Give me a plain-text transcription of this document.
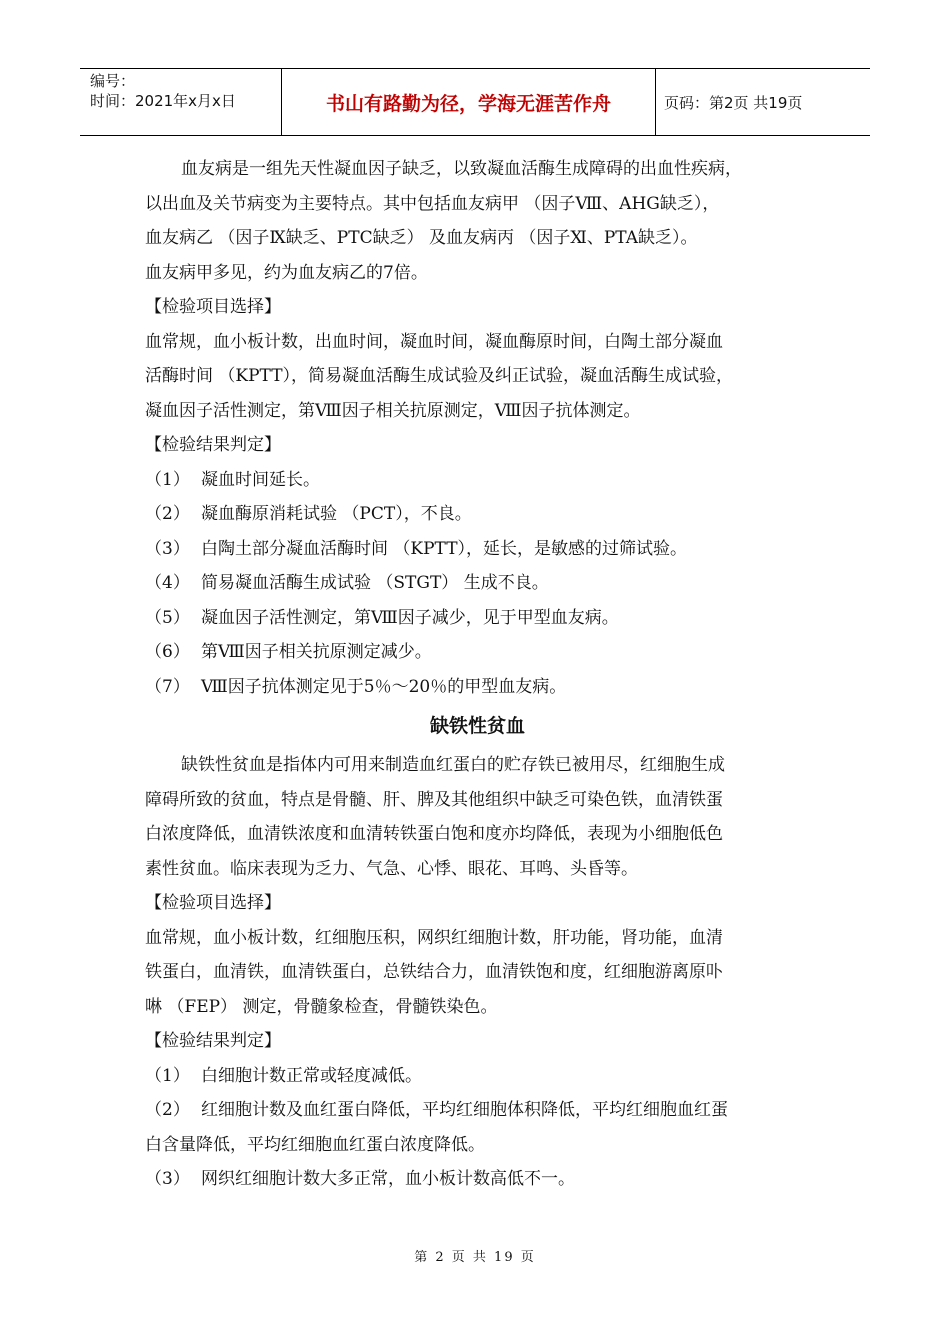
编号：
时间：2021年x月x日	书山有路勤为径，学海无涯苦作舟	页码：第2页 共19页

血友病是一组先天性凝血因子缺乏，以致凝血活酶生成障碍的出血性疾病，

以出血及关节病变为主要特点。其中包括血友病甲 （因子Ⅷ、AHG缺乏），

血友病乙 （因子Ⅸ缺乏、PTC缺乏） 及血友病丙 （因子Ⅺ、PTA缺乏）。

血友病甲多见，约为血友病乙的7倍。

【检验项目选择】

血常规，血小板计数，出血时间，凝血时间，凝血酶原时间，白陶土部分凝血

活酶时间 （KPTT），简易凝血活酶生成试验及纠正试验，凝血活酶生成试验，

凝血因子活性测定，第Ⅷ因子相关抗原测定，Ⅷ因子抗体测定。

【检验结果判定】

（1） 凝血时间延长。

（2） 凝血酶原消耗试验 （PCT），不良。

（3） 白陶土部分凝血活酶时间 （KPTT），延长，是敏感的过筛试验。

（4） 简易凝血活酶生成试验 （STGT） 生成不良。

（5） 凝血因子活性测定，第Ⅷ因子减少，见于甲型血友病。

（6） 第Ⅷ因子相关抗原测定减少。

（7） Ⅷ因子抗体测定见于5％～20％的甲型血友病。

缺铁性贫血

缺铁性贫血是指体内可用来制造血红蛋白的贮存铁已被用尽，红细胞生成

障碍所致的贫血，特点是骨髓、肝、脾及其他组织中缺乏可染色铁，血清铁蛋

白浓度降低，血清铁浓度和血清转铁蛋白饱和度亦均降低，表现为小细胞低色

素性贫血。临床表现为乏力、气急、心悸、眼花、耳鸣、头昏等。

【检验项目选择】

血常规，血小板计数，红细胞压积，网织红细胞计数，肝功能，肾功能，血清

铁蛋白，血清铁，血清铁蛋白，总铁结合力，血清铁饱和度，红细胞游离原卟

啉 （FEP） 测定，骨髓象检查，骨髓铁染色。

【检验结果判定】

（1） 白细胞计数正常或轻度减低。

（2） 红细胞计数及血红蛋白降低，平均红细胞体积降低，平均红细胞血红蛋

白含量降低，平均红细胞血红蛋白浓度降低。

（3） 网织红细胞计数大多正常，血小板计数高低不一。

第 2 页 共 19 页
